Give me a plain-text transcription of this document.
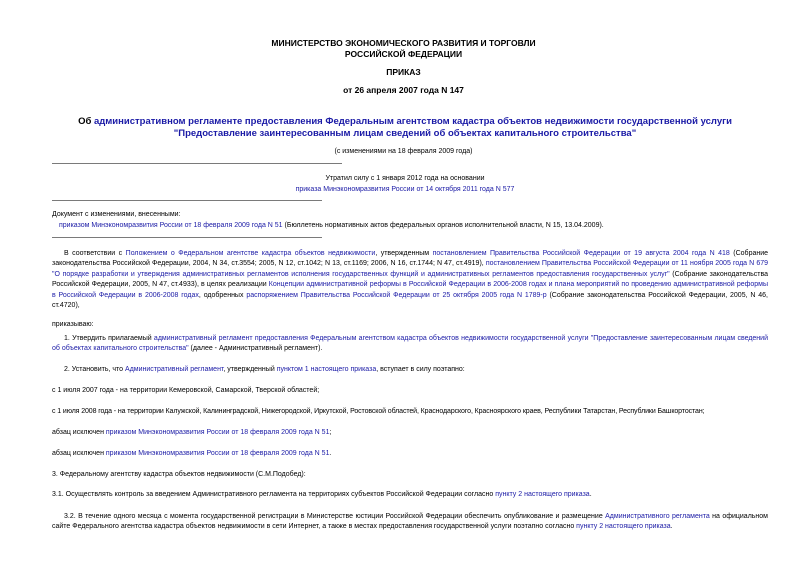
МИНИСТЕРСТВО ЭКОНОМИЧЕСКОГО РАЗВИТИЯ И ТОРГОВЛИ
РОССИЙСКОЙ ФЕДЕРАЦИИ
ПРИКАЗ
от 26 апреля 2007 года N 147
Об административном регламенте предоставления Федеральным агентством кадастра объектов недвижимости государственной услуги "Предоставление заинтересованным лицам сведений об объектах капитального строительства"
(с изменениями на 18 февраля 2009 года)
Утратил силу с 1 января 2012 года на основании
приказа Минэкономразвития России от 14 октября 2011 года N 577
Документ с изменениями, внесенными:
приказом Минэкономразвития России от 18 февраля 2009 года N 51 (Бюллетень нормативных актов федеральных органов исполнительной власти, N 15, 13.04.2009).
В соответствии с Положением о Федеральном агентстве кадастра объектов недвижимости, утвержденным постановлением Правительства Российской Федерации от 19 августа 2004 года N 418 (Собрание законодательства Российской Федерации, 2004, N 34, ст.3554; 2005, N 12, ст.1042; N 13, ст.1169; 2006, N 16, ст.1744; N 47, ст.4919), постановлением Правительства Российской Федерации от 11 ноября 2005 года N 679 "О порядке разработки и утверждения административных регламентов исполнения государственных функций и административных регламентов предоставления государственных услуг" (Собрание законодательства Российской Федерации, 2005, N 47, ст.4933), в целях реализации Концепции административной реформы в Российской Федерации в 2006-2008 годах и плана мероприятий по проведению административной реформы в Российской Федерации в 2006-2008 годах, одобренных распоряжением Правительства Российской Федерации от 25 октября 2005 года N 1789-р (Собрание законодательства Российской Федерации, 2005, N 46, ст.4720),
приказываю:
1. Утвердить прилагаемый административный регламент предоставления Федеральным агентством кадастра объектов недвижимости государственной услуги "Предоставление заинтересованным лицам сведений об объектах капитального строительства" (далее - Административный регламент).
2. Установить, что Административный регламент, утвержденный пунктом 1 настоящего приказа, вступает в силу поэтапно:
с 1 июля 2007 года - на территории Кемеровской, Самарской, Тверской областей;
с 1 июля 2008 года - на территории Калужской, Калининградской, Нижегородской, Иркутской, Ростовской областей, Краснодарского, Красноярского краев, Республики Татарстан, Республики Башкортостан;
абзац исключен приказом Минэкономразвития России от 18 февраля 2009 года N 51;
абзац исключен приказом Минэкономразвития России от 18 февраля 2009 года N 51.
3. Федеральному агентству кадастра объектов недвижимости (С.М.Подобед):
3.1. Осуществлять контроль за введением Административного регламента на территориях субъектов Российской Федерации согласно пункту 2 настоящего приказа.
3.2. В течение одного месяца с момента государственной регистрации в Министерстве юстиции Российской Федерации обеспечить опубликование и размещение Административного регламента на официальном сайте Федерального агентства кадастра объектов недвижимости в сети Интернет, а также в местах предоставления государственной услуги поэтапно согласно пункту 2 настоящего приказа.
